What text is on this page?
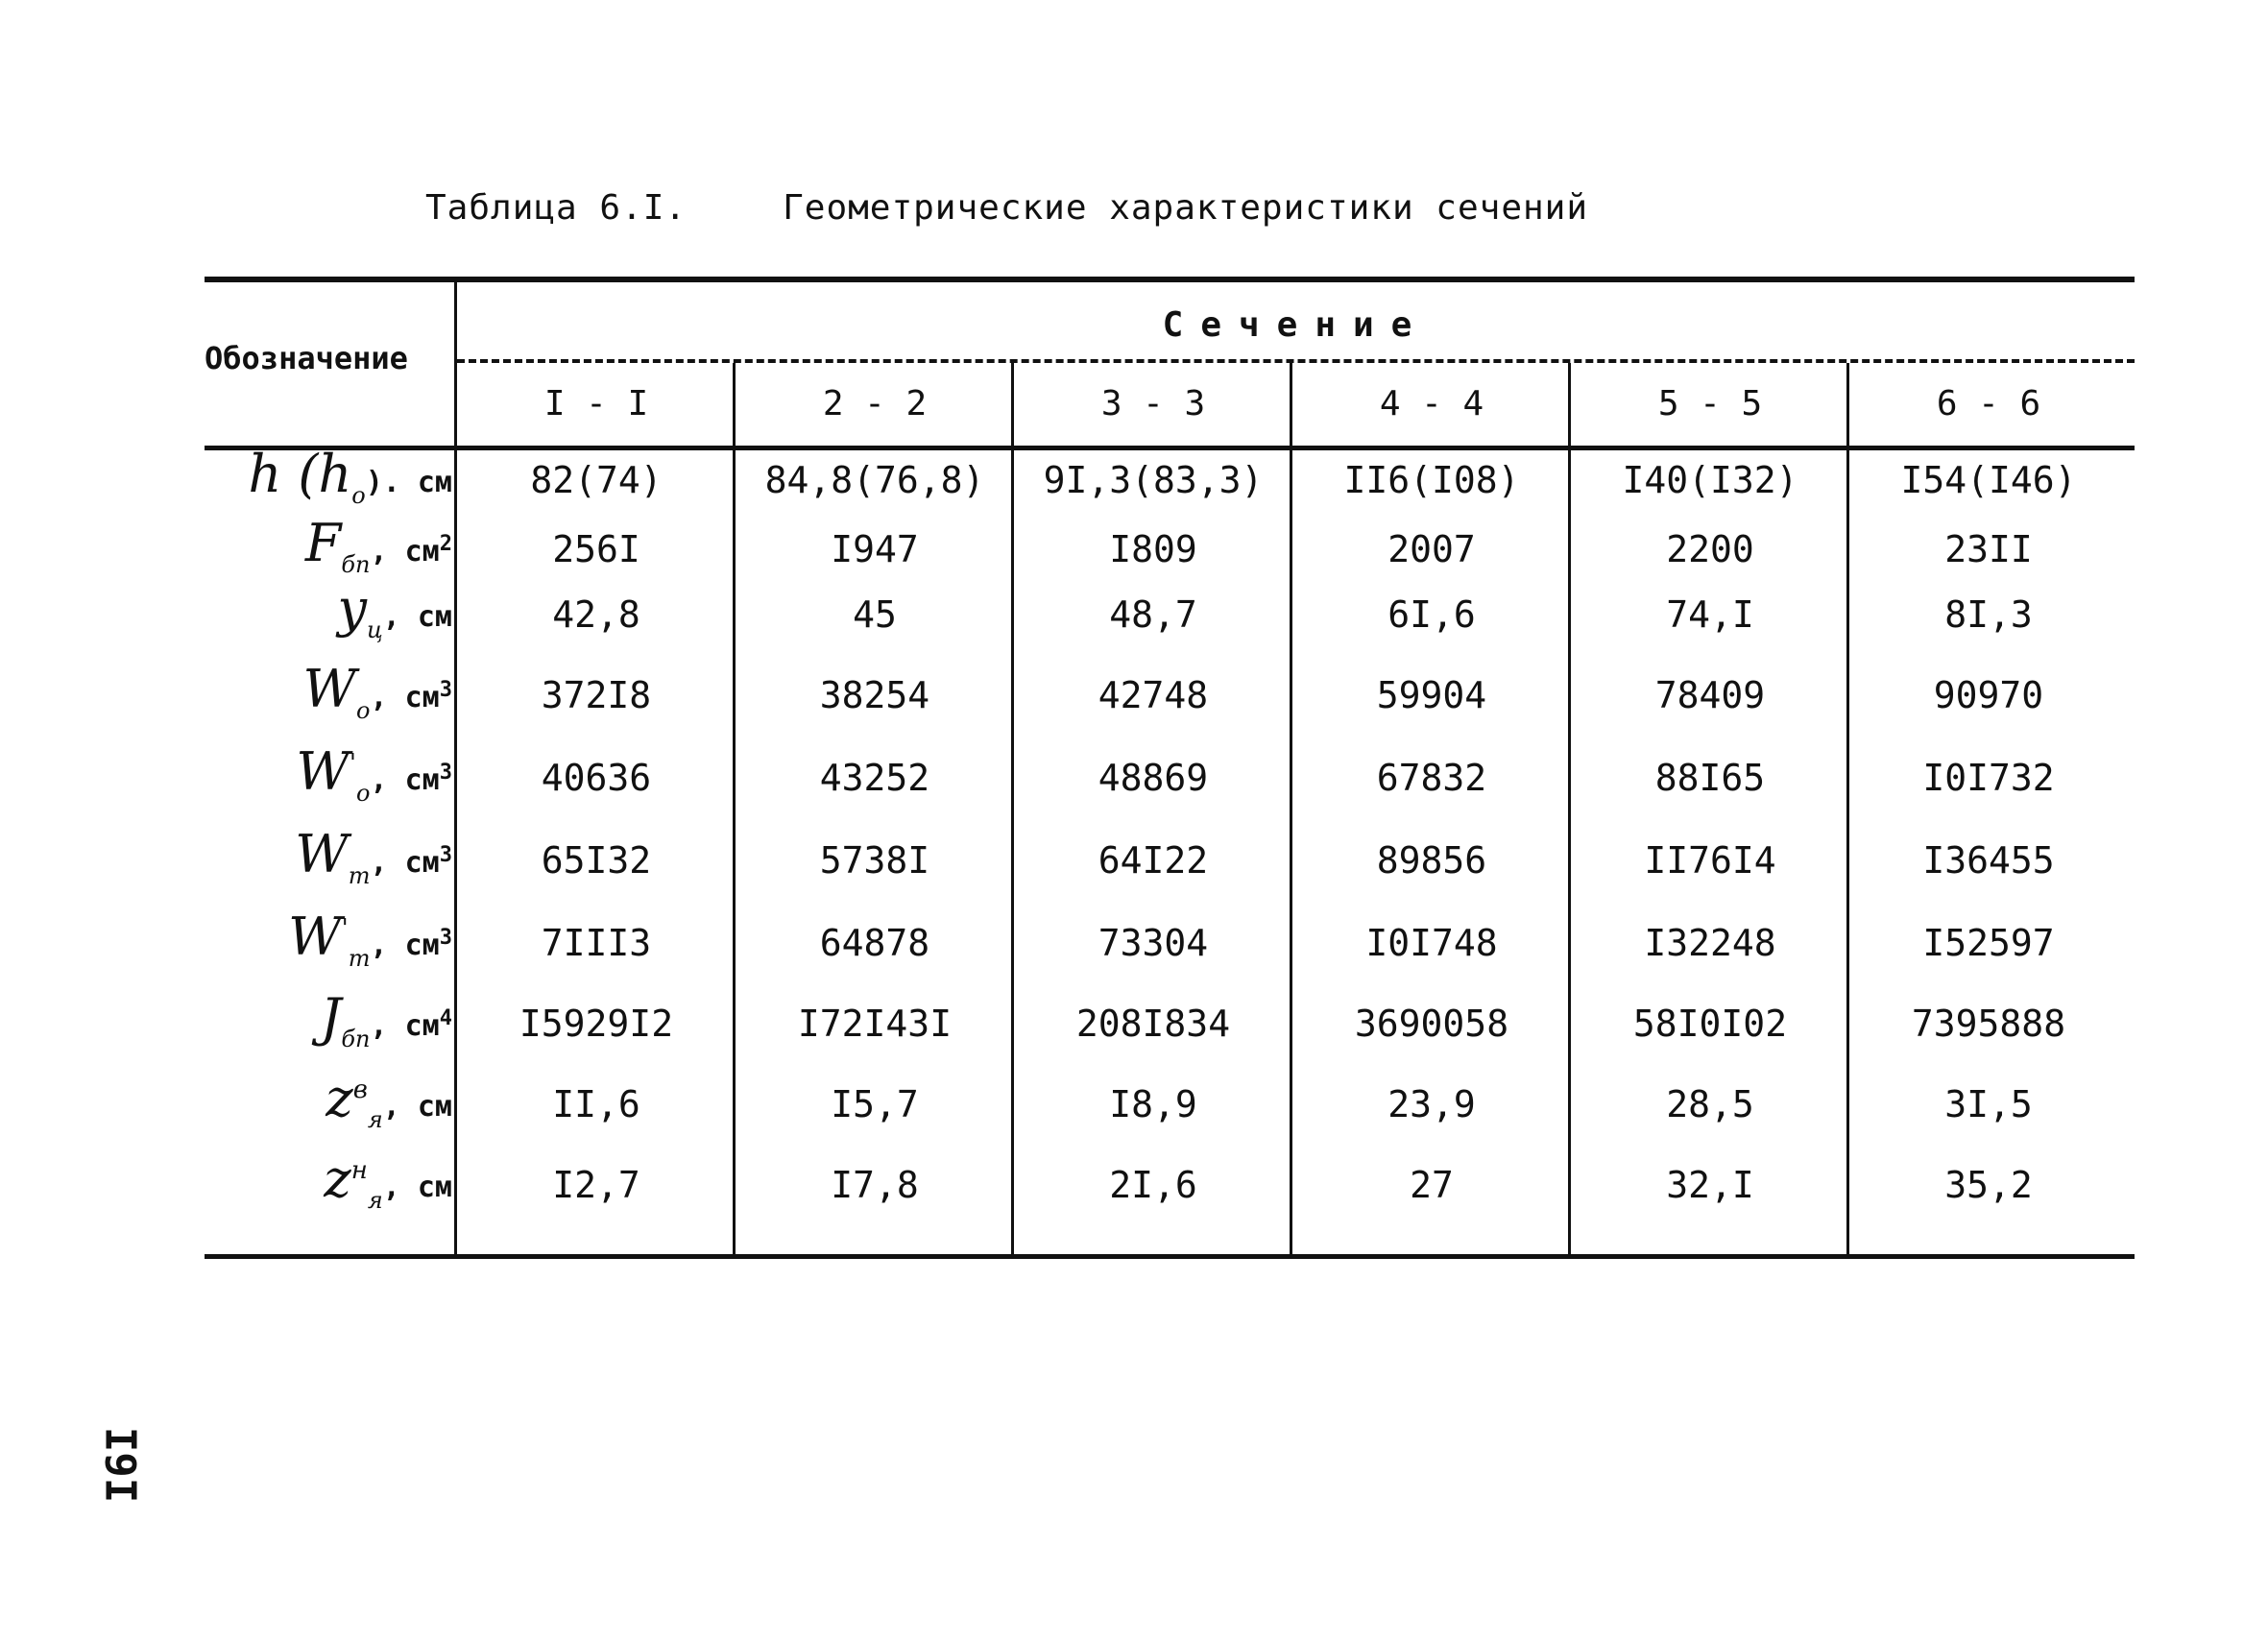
Таблица 6.I.	Геометрические характеристики сечений
Обозначение
Сечение
I - I	2 - 2	3 - 3	4 - 4	5 - 5	6 - 6
h $(h_о)$. см	82(74)	84,8(76,8)	9I,3(83,3)	II6(I08)	I40(I32)	I54(I46)
$F_{бп}$, $см^2$	256I	I947	I809	2007	2200	23II
$y_ц$, см	42,8	45	48,7	6I,6	74,I	8I,3
$W_о$, $см^3$	372I8	38254	42748	59904	78409	90970
$W'_о$, $см^3$	40636	43252	48869	67832	88I65	I0I732
$W_т$, $см^3$	65I32	5738I	64I22	89856	II76I4	I36455
$W'_т$, $см^3$	7III3	64878	73304	I0I748	I32248	I52597
$J_{бп}$, $см^4$	I5929I2	I72I43I	208I834	3690058	58I0I02	7395888
$z^в_я$, см	II,6	I5,7	I8,9	23,9	28,5	3I,5
$z^н_я$, см	I2,7	I7,8	2I,6	27	32,I	35,2
I9I
